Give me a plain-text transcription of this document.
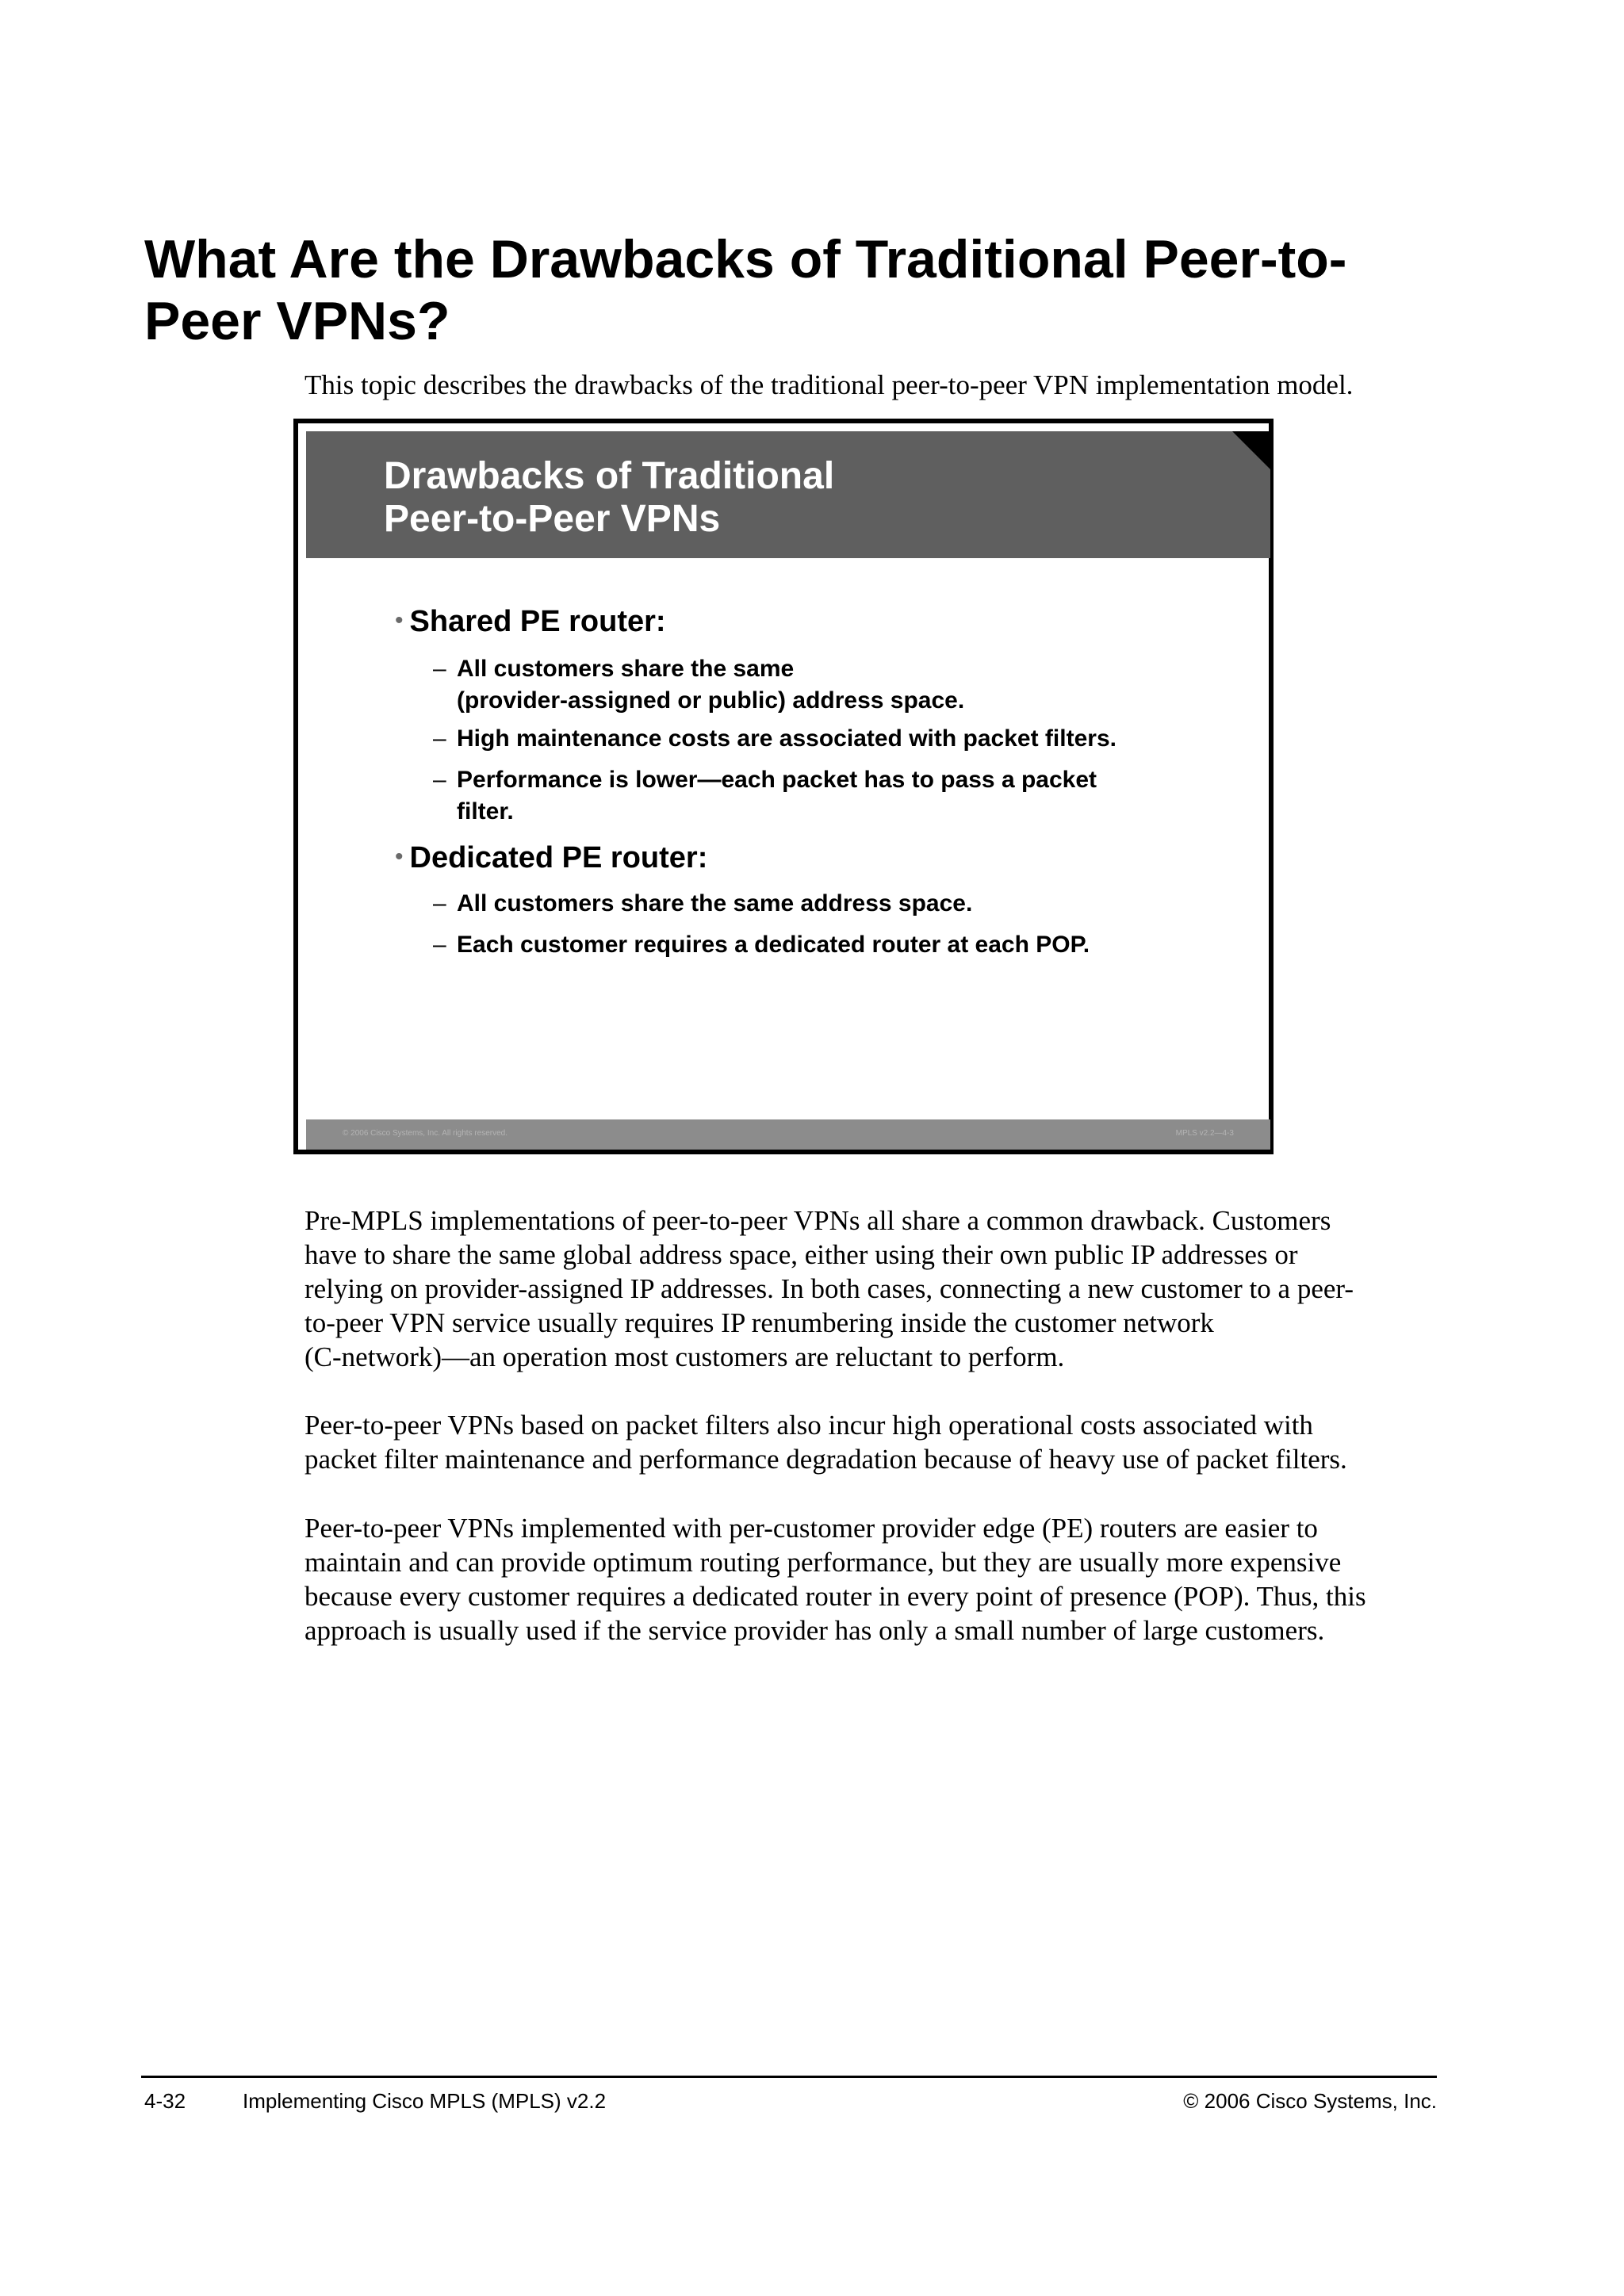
What Are the Drawbacks of Traditional Peer-to-
Peer VPNs?
This topic describes the drawbacks of the traditional peer-to-peer VPN implementation model.
Drawbacks of Traditional
Peer-to-Peer VPNs
• Shared PE router:
– All customers share the same
(provider-assigned or public) address space.
– High maintenance costs are associated with packet filters.
– Performance is lower—each packet has to pass a packet
filter.
• Dedicated PE router:
– All customers share the same address space.
– Each customer requires a dedicated router at each POP.
© 2006 Cisco Systems, Inc. All rights reserved.	MPLS v2.2—4-3
Pre-MPLS implementations of peer-to-peer VPNs all share a common drawback. Customers
have to share the same global address space, either using their own public IP addresses or
relying on provider-assigned IP addresses. In both cases, connecting a new customer to a peer-
to-peer VPN service usually requires IP renumbering inside the customer network
(C-network)—an operation most customers are reluctant to perform.
Peer-to-peer VPNs based on packet filters also incur high operational costs associated with
packet filter maintenance and performance degradation because of heavy use of packet filters.
Peer-to-peer VPNs implemented with per-customer provider edge (PE) routers are easier to
maintain and can provide optimum routing performance, but they are usually more expensive
because every customer requires a dedicated router in every point of presence (POP). Thus, this
approach is usually used if the service provider has only a small number of large customers.
4-32	Implementing Cisco MPLS (MPLS) v2.2	© 2006 Cisco Systems, Inc.
